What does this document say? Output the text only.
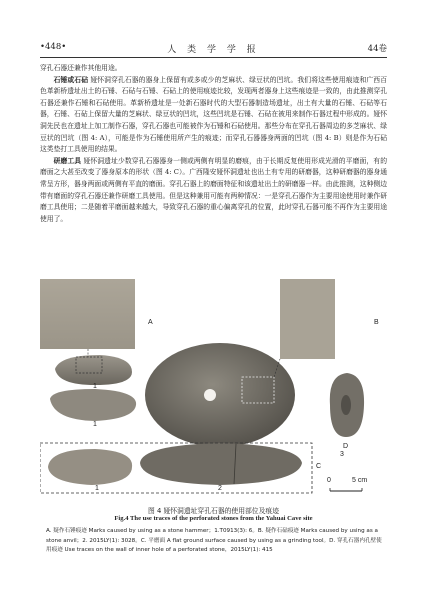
•448•	人 类 学 学 报	44卷

穿孔石器还兼作其他用途。

石锤或石砧 娅怀洞穿孔石器的器身上保留有或多或少的芝麻状、绿豆状的凹坑。我们将这些使用痕迹和广西百色革新桥遗址出土的石锤、石砧与石锤、石砧上的使用痕迹比较，发现两者器身上这些痕迹是一致的，由此推测穿孔石器还兼作石锤和石砧使用。革新桥遗址是一处新石器时代的大型石器制造场遗址，出土有大量的石锤、石砧等石器，石锤、石砧上保留大量的芝麻状、绿豆状的凹坑，这些凹坑是石锤、石砧在被用来制作石器过程中形成的。娅怀洞先民也在遗址上加工制作石器，穿孔石器也可能被作为石锤和石砧使用。那些分布在穿孔石器周边的多芝麻状、绿豆状的凹坑（图 4: A），可能是作为石锤使用所产生的痕迹；而穿孔石器器身两面的凹坑（图 4: B）则是作为石砧这类垫打工具使用的结果。

研磨工具 娅怀洞遗址少数穿孔石器器身一侧或两侧有明显的磨痕，由于长期反复使用形成光滑的平磨面，有的磨面之大甚至改变了器身原本的形状（图 4: C）。广西隆安娅怀洞遗址也出土有专用的研磨器，这种研磨器的器身通常呈方形，器身两面或两侧有平直的磨面。穿孔石器上的磨面特征和该遗址出土的研磨器一样。由此推测，这种侧边带有磨面的穿孔石器还兼作研磨工具使用。但是这种兼用可能有两种情况：一是穿孔石器作为主要用途使用时兼作研磨工具使用；二是随着平磨面越来越大，导致穿孔石器的重心偏离穿孔的位置，此时穿孔石器可能不再作为主要用途使用了。

A	B
C
D
1
1
1	2
3
0	5 cm
图 4 娅怀洞遗址穿孔石器的使用部位及痕迹
Fig.4 The use traces of the perforated stones from the Yahuai Cave site
A. 疑作石锤痕迹 Marks caused by using as a stone hammer；1.T0913(3): 6。B. 疑作石砧痕迹 Marks caused by using as a stone anvil；2. 2015LY(1): 3028。C. 平磨面 A flat ground surface caused by using as a grinding tool。D. 穿孔石器内孔壁使用痕迹 Use traces on the wall of inner hole of a perforated stone，2015LY(1): 415
